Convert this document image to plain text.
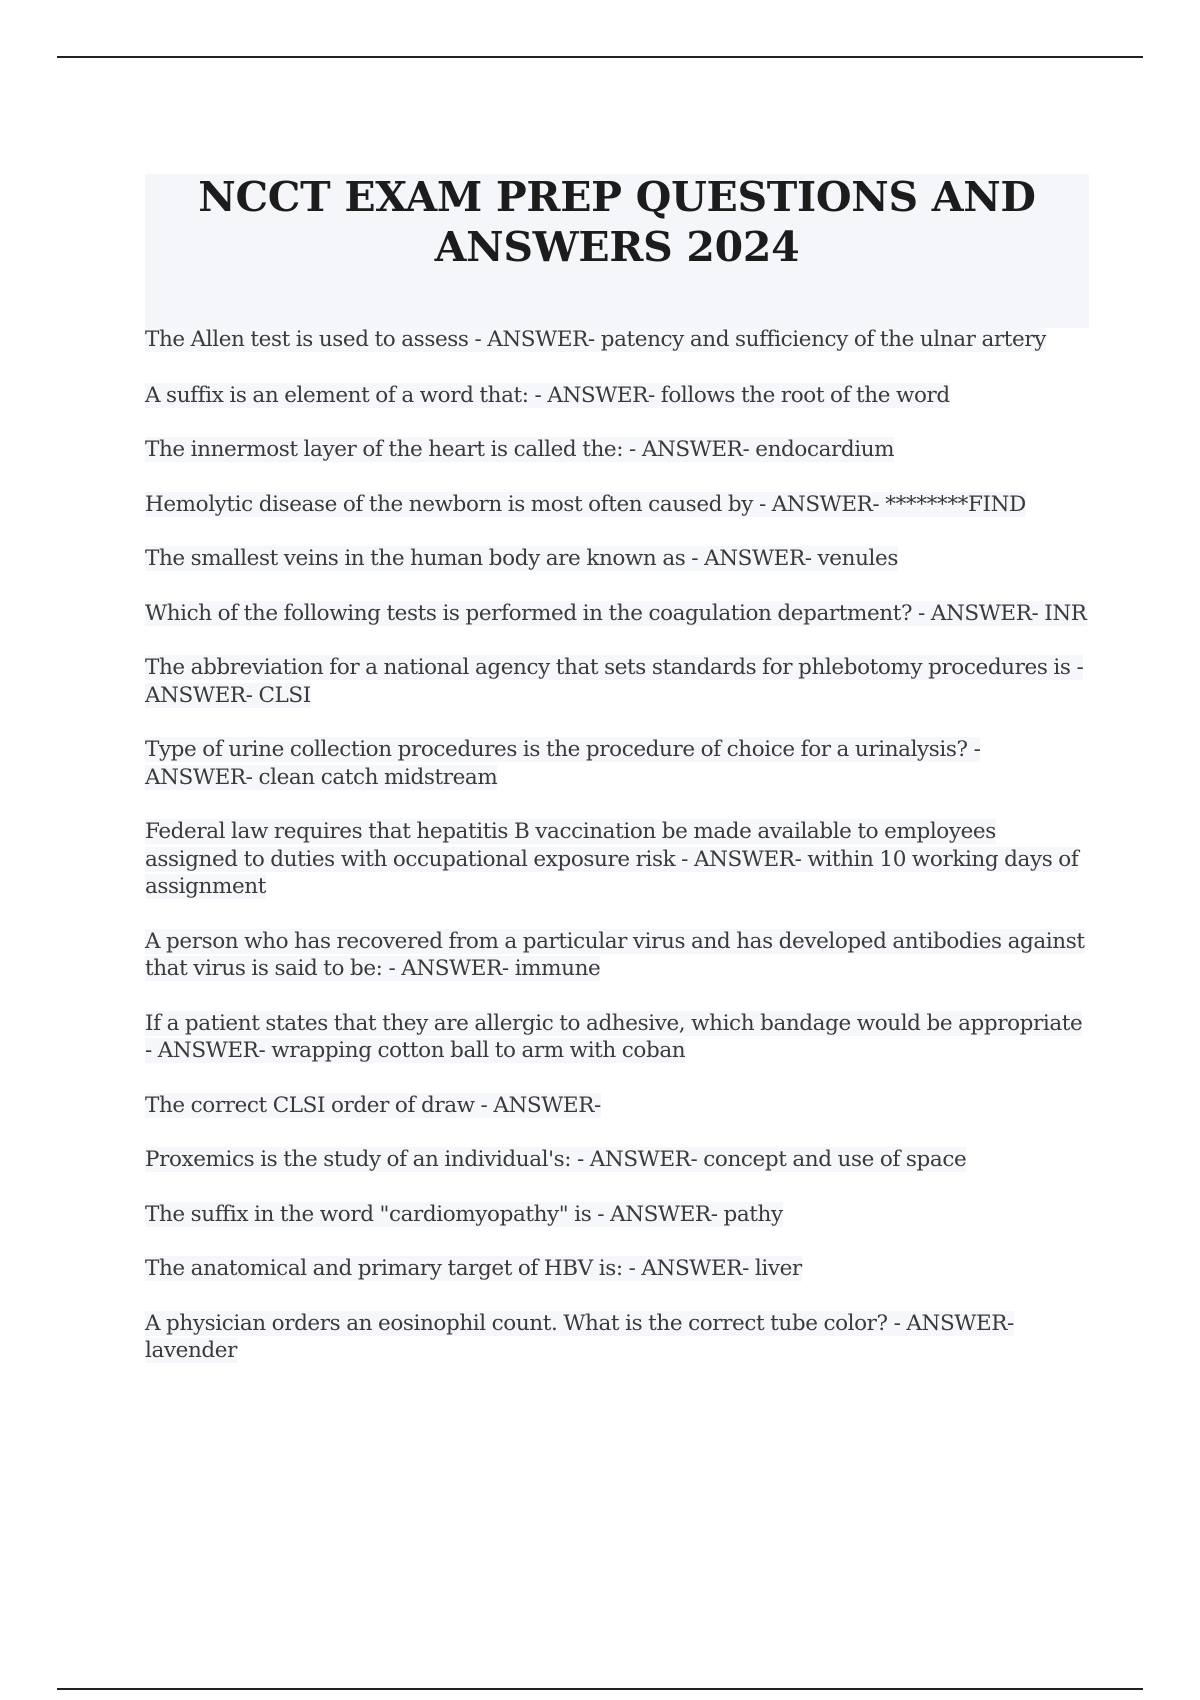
NCCT EXAM PREP QUESTIONS AND ANSWERS 2024

The Allen test is used to assess - ANSWER- patency and sufficiency of the ulnar artery

A suffix is an element of a word that: - ANSWER- follows the root of the word

The innermost layer of the heart is called the: - ANSWER- endocardium

Hemolytic disease of the newborn is most often caused by - ANSWER- ********FIND

The smallest veins in the human body are known as - ANSWER- venules

Which of the following tests is performed in the coagulation department? - ANSWER- INR

The abbreviation for a national agency that sets standards for phlebotomy procedures is - ANSWER- CLSI

Type of urine collection procedures is the procedure of choice for a urinalysis? - ANSWER- clean catch midstream

Federal law requires that hepatitis B vaccination be made available to employees assigned to duties with occupational exposure risk - ANSWER- within 10 working days of assignment

A person who has recovered from a particular virus and has developed antibodies against that virus is said to be: - ANSWER- immune

If a patient states that they are allergic to adhesive, which bandage would be appropriate - ANSWER- wrapping cotton ball to arm with coban

The correct CLSI order of draw - ANSWER-

Proxemics is the study of an individual's: - ANSWER- concept and use of space

The suffix in the word "cardiomyopathy" is - ANSWER- pathy

The anatomical and primary target of HBV is: - ANSWER- liver

A physician orders an eosinophil count. What is the correct tube color? - ANSWER- lavender
